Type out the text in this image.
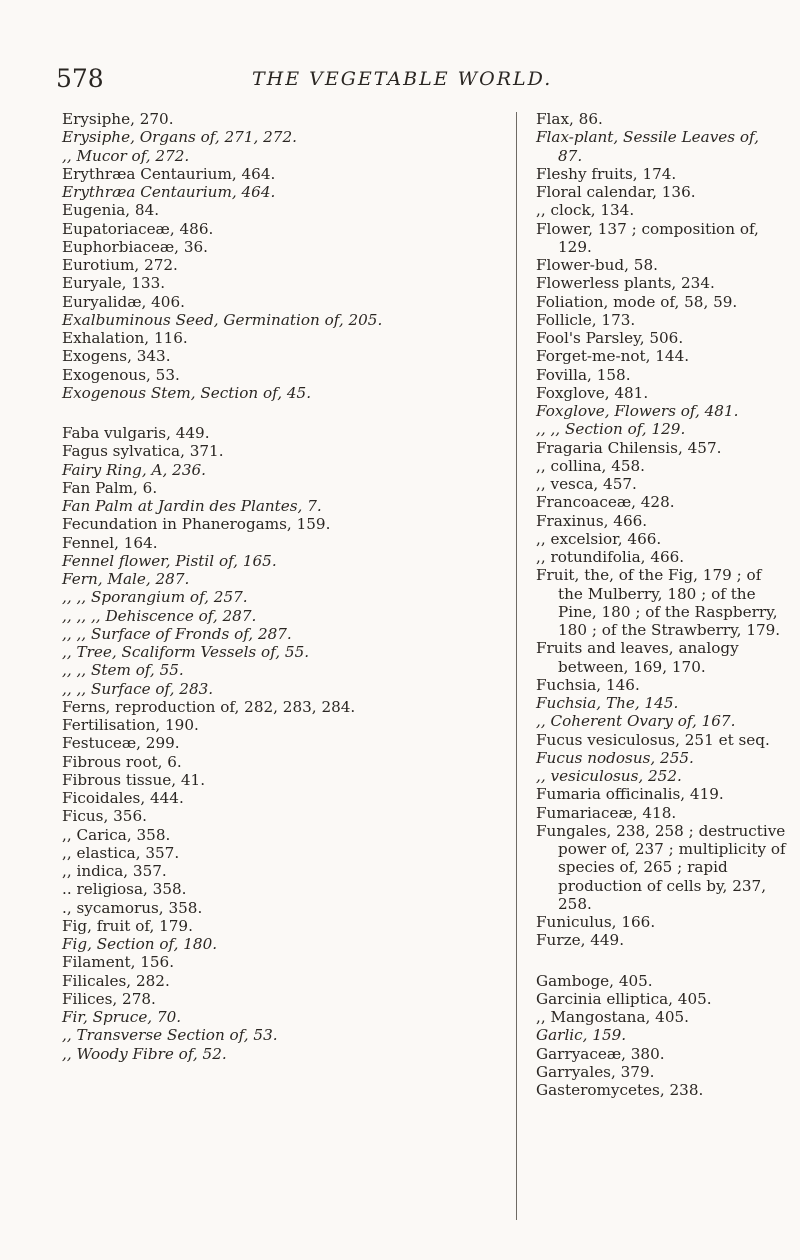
578	THE VEGETABLE WORLD.
Erysiphe, 270.
Erysiphe, Organs of, 271, 272.
,, Mucor of, 272.
Erythræa Centaurium, 464.
Erythræa Centaurium, 464.
Eugenia, 84.
Eupatoriaceæ, 486.
Euphorbiaceæ, 36.
Eurotium, 272.
Euryale, 133.
Euryalidæ, 406.
Exalbuminous Seed, Germination of, 205.
Exhalation, 116.
Exogens, 343.
Exogenous, 53.
Exogenous Stem, Section of, 45.
Faba vulgaris, 449.
Fagus sylvatica, 371.
Fairy Ring, A, 236.
Fan Palm, 6.
Fan Palm at Jardin des Plantes, 7.
Fecundation in Phanerogams, 159.
Fennel, 164.
Fennel flower, Pistil of, 165.
Fern, Male, 287.
,, ,, Sporangium of, 257.
,, ,, ,, Dehiscence of, 287.
,, ,, Surface of Fronds of, 287.
,, Tree, Scaliform Vessels of, 55.
,, ,, Stem of, 55.
,, ,, Surface of, 283.
Ferns, reproduction of, 282, 283, 284.
Fertilisation, 190.
Festuceæ, 299.
Fibrous root, 6.
Fibrous tissue, 41.
Ficoidales, 444.
Ficus, 356.
,, Carica, 358.
,, elastica, 357.
,, indica, 357.
.. religiosa, 358.
., sycamorus, 358.
Fig, fruit of, 179.
Fig, Section of, 180.
Filament, 156.
Filicales, 282.
Filices, 278.
Fir, Spruce, 70.
,, Transverse Section of, 53.
,, Woody Fibre of, 52.
Flax, 86.
Flax-plant, Sessile Leaves of, 87.
Fleshy fruits, 174.
Floral calendar, 136.
,, clock, 134.
Flower, 137 ; composition of, 129.
Flower-bud, 58.
Flowerless plants, 234.
Foliation, mode of, 58, 59.
Follicle, 173.
Fool's Parsley, 506.
Forget-me-not, 144.
Fovilla, 158.
Foxglove, 481.
Foxglove, Flowers of, 481.
,, ,, Section of, 129.
Fragaria Chilensis, 457.
,, collina, 458.
,, vesca, 457.
Francoaceæ, 428.
Fraxinus, 466.
,, excelsior, 466.
,, rotundifolia, 466.
Fruit, the, of the Fig, 179 ; of the Mulberry, 180 ; of the Pine, 180 ; of the Raspberry, 180 ; of the Strawberry, 179.
Fruits and leaves, analogy between, 169, 170.
Fuchsia, 146.
Fuchsia, The, 145.
,, Coherent Ovary of, 167.
Fucus vesiculosus, 251 et seq.
Fucus nodosus, 255.
,, vesiculosus, 252.
Fumaria officinalis, 419.
Fumariaceæ, 418.
Fungales, 238, 258 ; destructive power of, 237 ; multiplicity of species of, 265 ; rapid production of cells by, 237, 258.
Funiculus, 166.
Furze, 449.
Gamboge, 405.
Garcinia elliptica, 405.
,, Mangostana, 405.
Garlic, 159.
Garryaceæ, 380.
Garryales, 379.
Gasteromycetes, 238.
